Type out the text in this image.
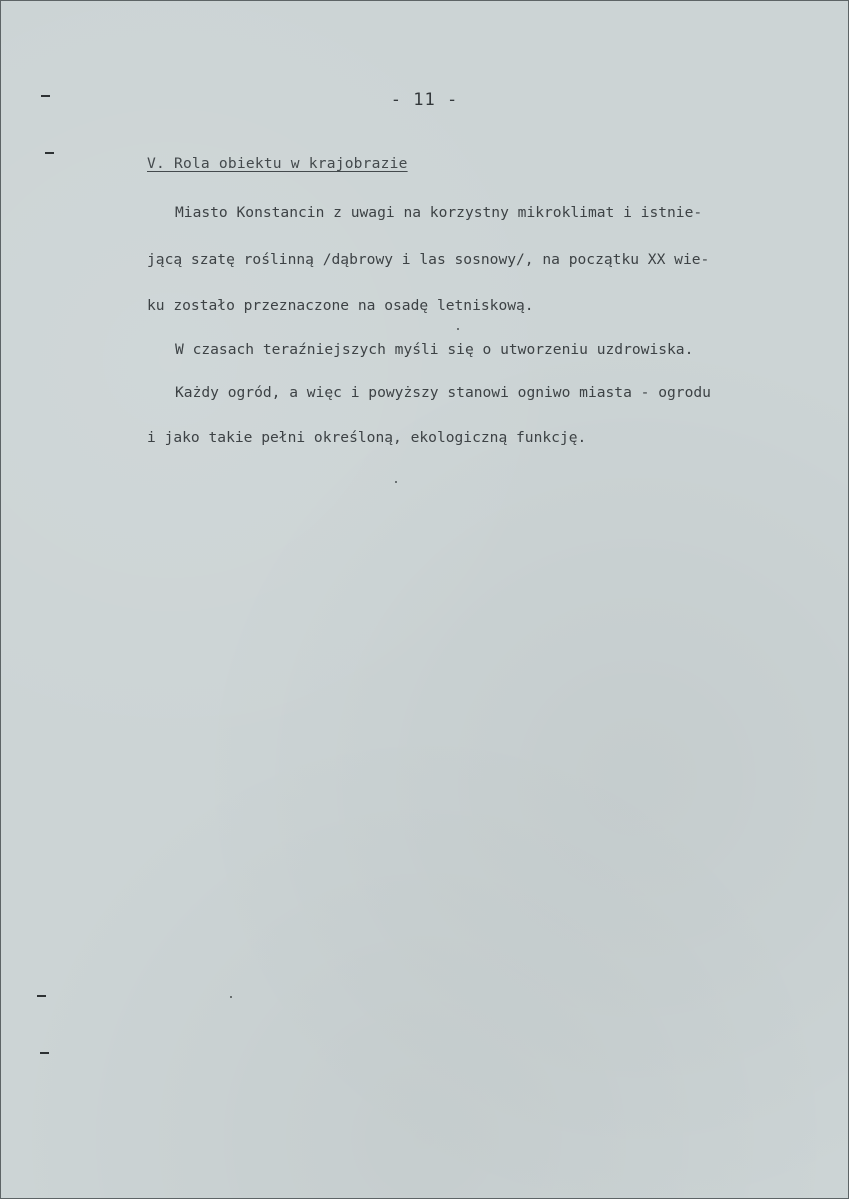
- 11 -
V. Rola obiektu w krajobrazie
Miasto Konstancin z uwagi na korzystny mikroklimat i istnie-
jącą szatę roślinną /dąbrowy i las sosnowy/, na początku XX wie-
ku zostało przeznaczone na osadę letniskową.
W czasach teraźniejszych myśli się o utworzeniu uzdrowiska.
Każdy ogród, a więc i powyższy stanowi ogniwo miasta - ogrodu
i jako takie pełni określoną, ekologiczną funkcję.
